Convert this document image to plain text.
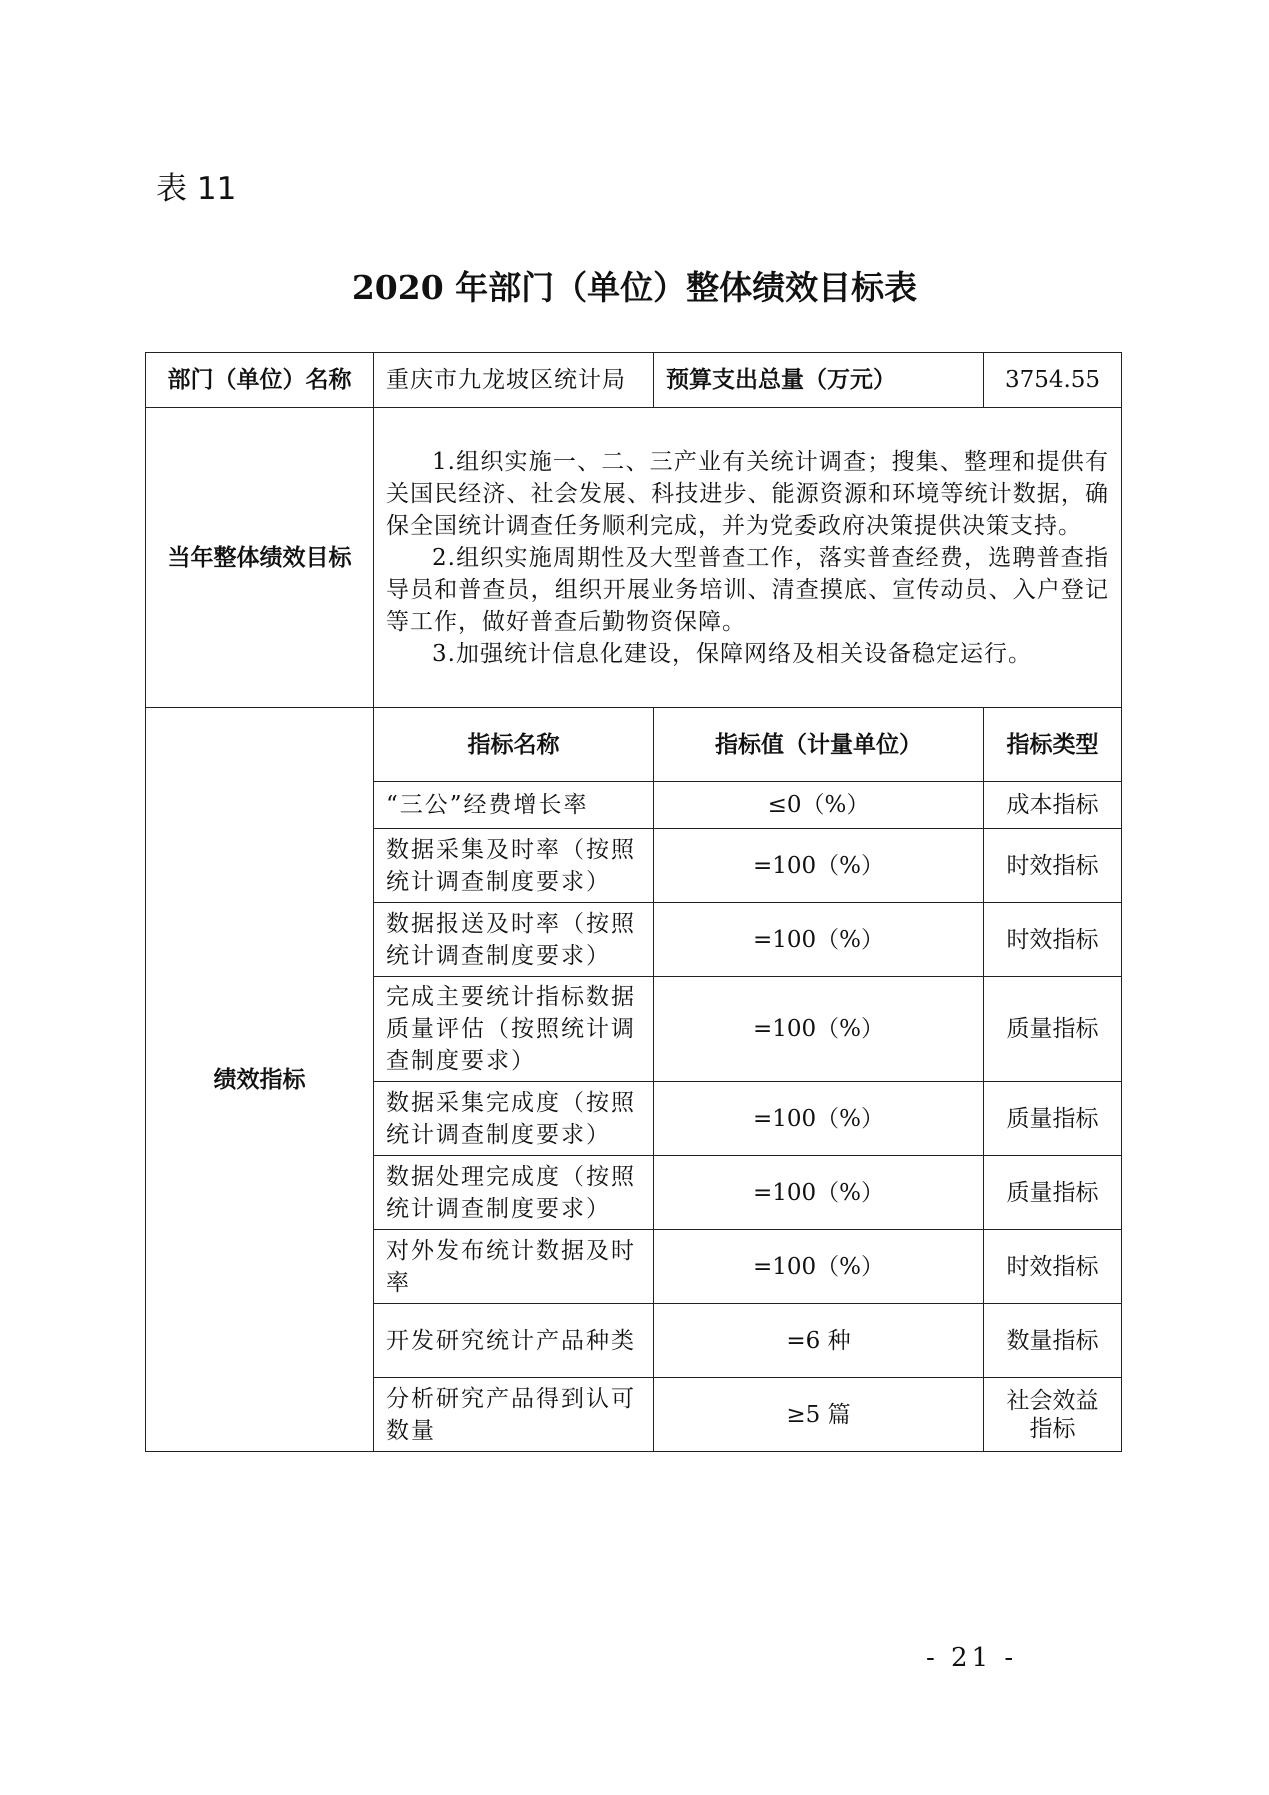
表 11
2020 年部门（单位）整体绩效目标表
部门（单位）名称	重庆市九龙坡区统计局	预算支出总量（万元）	3754.55
当年整体绩效目标	1.组织实施一、二、三产业有关统计调查；搜集、整理和提供有关国民经济、社会发展、科技进步、能源资源和环境等统计数据，确保全国统计调查任务顺利完成，并为党委政府决策提供决策支持。

2.组织实施周期性及大型普查工作，落实普查经费，选聘普查指导员和普查员，组织开展业务培训、清查摸底、宣传动员、入户登记等工作，做好普查后勤物资保障。

3.加强统计信息化建设，保障网络及相关设备稳定运行。		

绩效指标	指标名称	指标值（计量单位）	指标类型
	“三公”经费增长率	≤0（%）	成本指标
	数据采集及时率（按照统计调查制度要求）	=100（%）	时效指标
	数据报送及时率（按照统计调查制度要求）	=100（%）	时效指标
	完成主要统计指标数据质量评估（按照统计调查制度要求）	=100（%）	质量指标
	数据采集完成度（按照统计调查制度要求）	=100（%）	质量指标
	数据处理完成度（按照统计调查制度要求）	=100（%）	质量指标
	对外发布统计数据及时率	=100（%）	时效指标
	开发研究统计产品种类	=6 种	数量指标
	分析研究产品得到认可数量	≥5 篇	社会效益指标
- 21 -
